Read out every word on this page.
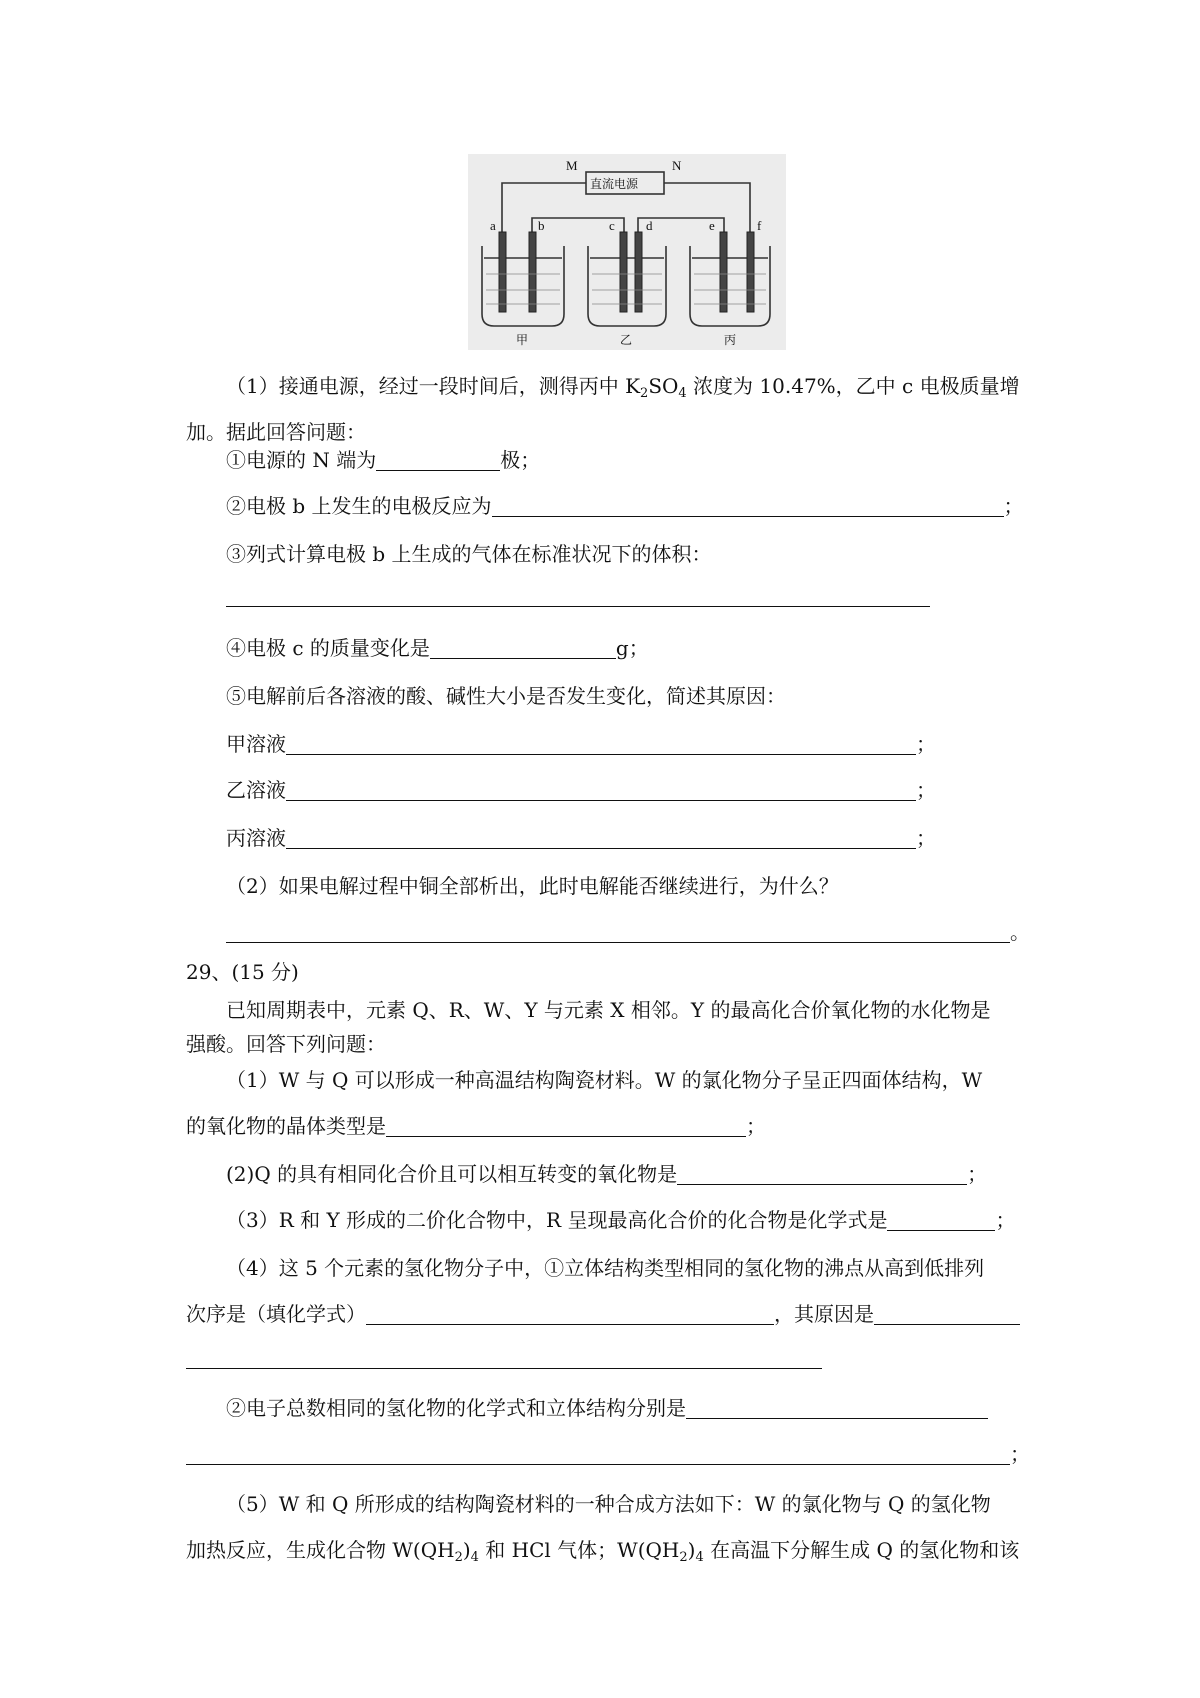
M	N
a	b	c d	e	f
直流电源
甲	乙	丙
（1）接通电源，经过一段时间后，测得丙中 $K_2SO_4$ 浓度为 10.47%，乙中 c 电极质量增
加。据此回答问题：
①电源的 N 端为	极；
②电极 b 上发生的电极反应为	；
③列式计算电极 b 上生成的气体在标准状况下的体积：
④电极 c 的质量变化是	g；
⑤电解前后各溶液的酸、碱性大小是否发生变化，简述其原因：
甲溶液	；
乙溶液	；
丙溶液	；
（2）如果电解过程中铜全部析出，此时电解能否继续进行，为什么？
。
29、(15 分)
已知周期表中，元素 Q、R、W、Y 与元素 X 相邻。Y 的最高化合价氧化物的水化物是
强酸。回答下列问题：
（1）W 与 Q 可以形成一种高温结构陶瓷材料。W 的氯化物分子呈正四面体结构，W
的氧化物的晶体类型是	；
(2)Q 的具有相同化合价且可以相互转变的氧化物是	；
（3）R 和 Y 形成的二价化合物中，R 呈现最高化合价的化合物是化学式是	；
（4）这 5 个元素的氢化物分子中，①立体结构类型相同的氢化物的沸点从高到低排列
次序是（填化学式）	，其原因是
②电子总数相同的氢化物的化学式和立体结构分别是
；
（5）W 和 Q 所形成的结构陶瓷材料的一种合成方法如下：W 的氯化物与 Q 的氢化物
加热反应，生成化合物 $W(QH_2)_4$ 和 HCl 气体；$W(QH_2)_4$ 在高温下分解生成 Q 的氢化物和该
